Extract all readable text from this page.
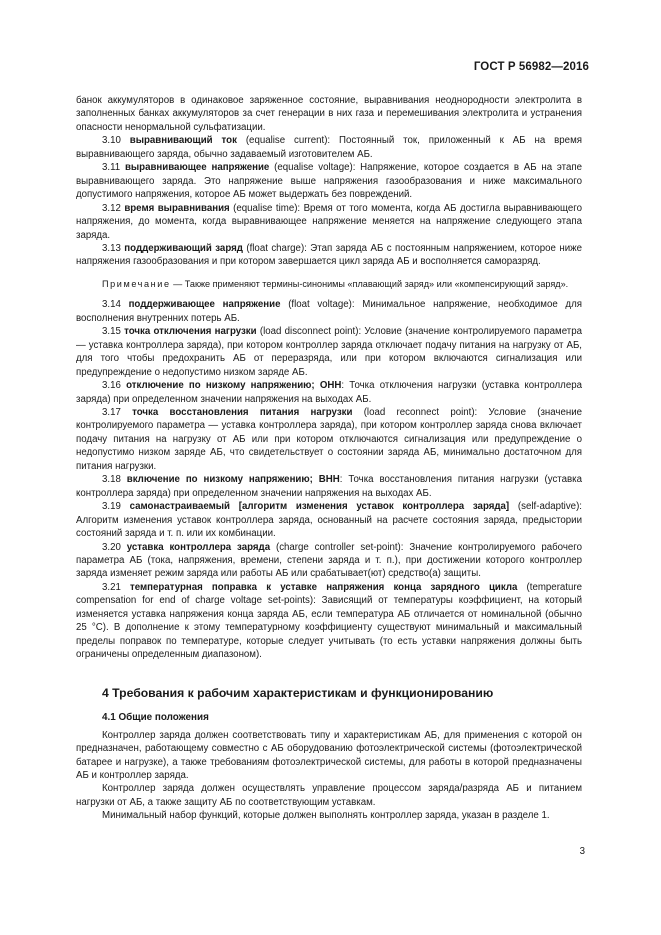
ГОСТ Р 56982—2016

банок аккумуляторов в одинаковое заряженное состояние, выравнивания неоднородности электролита в заполненных банках аккумуляторов за счет генерации в них газа и перемешивания электролита и устранения опасности ненормальной сульфатизации.

3.10 выравнивающий ток (equalise current): Постоянный ток, приложенный к АБ на время выравнивающего заряда, обычно задаваемый изготовителем АБ.

3.11 выравнивающее напряжение (equalise voltage): Напряжение, которое создается в АБ на этапе выравнивающего заряда. Это напряжение выше напряжения газообразования и ниже максимального допустимого напряжения, которое АБ может выдержать без повреждений.

3.12 время выравнивания (equalise time): Время от того момента, когда АБ достигла выравнивающего напряжения, до момента, когда выравнивающее напряжение меняется на напряжение следующего этапа заряда.

3.13 поддерживающий заряд (float charge): Этап заряда АБ с постоянным напряжением, которое ниже напряжения газообразования и при котором завершается цикл заряда АБ и восполняется саморазряд.

Примечание — Также применяют термины-синонимы «плавающий заряд» или «компенсирующий заряд».

3.14 поддерживающее напряжение (float voltage): Минимальное напряжение, необходимое для восполнения внутренних потерь АБ.

3.15 точка отключения нагрузки (load disconnect point): Условие (значение контролируемого параметра — уставка контроллера заряда), при котором контроллер заряда отключает подачу питания на нагрузку от АБ, для того чтобы предохранить АБ от переразряда, или при котором включаются сигнализация или предупреждение о недопустимо низком заряде АБ.

3.16 отключение по низкому напряжению; ОНН: Точка отключения нагрузки (уставка контроллера заряда) при определенном значении напряжения на выходах АБ.

3.17 точка восстановления питания нагрузки (load reconnect point): Условие (значение контролируемого параметра — уставка контроллера заряда), при котором контроллер заряда снова включает подачу питания на нагрузку от АБ или при котором отключаются сигнализация или предупреждение о недопустимо низком заряде АБ, что свидетельствует о состоянии заряда АБ, минимально достаточном для питания нагрузки.

3.18 включение по низкому напряжению; ВНН: Точка восстановления питания нагрузки (уставка контроллера заряда) при определенном значении напряжения на выходах АБ.

3.19 самонастраиваемый [алгоритм изменения уставок контроллера заряда] (self-adaptive): Алгоритм изменения уставок контроллера заряда, основанный на расчете состояния заряда, предыстории состояний заряда и т. п. или их комбинации.

3.20 уставка контроллера заряда (charge controller set-point): Значение контролируемого рабочего параметра АБ (тока, напряжения, времени, степени заряда и т. п.), при достижении которого контроллер заряда изменяет режим заряда или работы АБ или срабатывает(ют) средство(а) защиты.

3.21 температурная поправка к уставке напряжения конца зарядного цикла (temperature compensation for end of charge voltage set-points): Зависящий от температуры коэффициент, на который изменяется уставка напряжения конца заряда АБ, если температура АБ отличается от номинальной (обычно 25 °С). В дополнение к этому температурному коэффициенту существуют минимальный и максимальный пределы поправок по температуре, которые следует учитывать (то есть уставки напряжения должны быть ограничены определенным диапазоном).

4 Требования к рабочим характеристикам и функционированию
4.1 Общие положения

Контроллер заряда должен соответствовать типу и характеристикам АБ, для применения с которой он предназначен, работающему совместно с АБ оборудованию фотоэлектрической системы (фотоэлектрической батарее и нагрузке), а также требованиям фотоэлектрической системы, для работы в которой предназначены АБ и контроллер заряда.

Контроллер заряда должен осуществлять управление процессом заряда/разряда АБ и питанием нагрузки от АБ, а также защиту АБ по соответствующим уставкам.

Минимальный набор функций, которые должен выполнять контроллер заряда, указан в разделе 1.

3
